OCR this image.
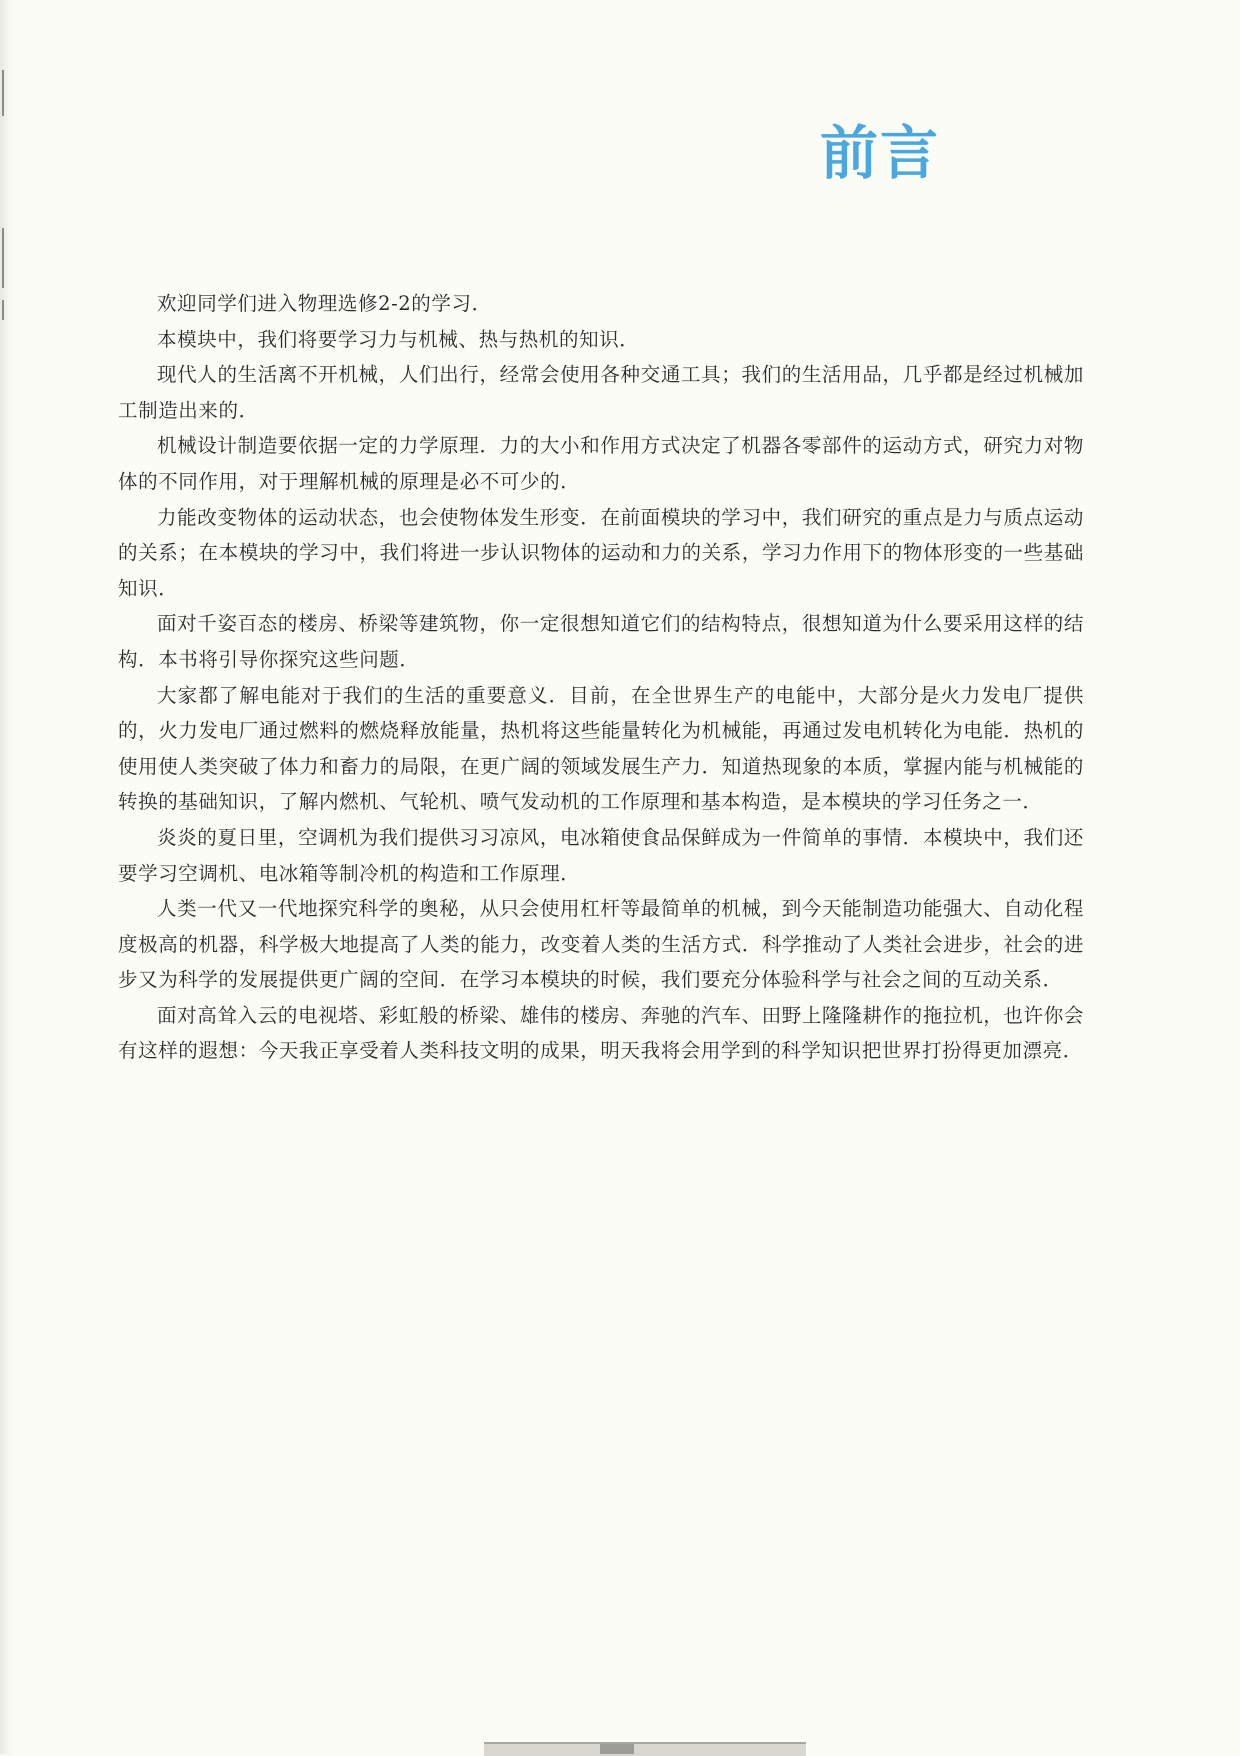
前言

欢迎同学们进入物理选修2-2的学习．

本模块中，我们将要学习力与机械、热与热机的知识．

现代人的生活离不开机械，人们出行，经常会使用各种交通工具；我们的生活用品，几乎都是经过机械加工制造出来的．

机械设计制造要依据一定的力学原理．力的大小和作用方式决定了机器各零部件的运动方式，研究力对物体的不同作用，对于理解机械的原理是必不可少的．

力能改变物体的运动状态，也会使物体发生形变．在前面模块的学习中，我们研究的重点是力与质点运动的关系；在本模块的学习中，我们将进一步认识物体的运动和力的关系，学习力作用下的物体形变的一些基础知识．

面对千姿百态的楼房、桥梁等建筑物，你一定很想知道它们的结构特点，很想知道为什么要采用这样的结构．本书将引导你探究这些问题．

大家都了解电能对于我们的生活的重要意义．目前，在全世界生产的电能中，大部分是火力发电厂提供的，火力发电厂通过燃料的燃烧释放能量，热机将这些能量转化为机械能，再通过发电机转化为电能．热机的使用使人类突破了体力和畜力的局限，在更广阔的领域发展生产力．知道热现象的本质，掌握内能与机械能的转换的基础知识，了解内燃机、气轮机、喷气发动机的工作原理和基本构造，是本模块的学习任务之一．

炎炎的夏日里，空调机为我们提供习习凉风，电冰箱使食品保鲜成为一件简单的事情．本模块中，我们还要学习空调机、电冰箱等制冷机的构造和工作原理．

人类一代又一代地探究科学的奥秘，从只会使用杠杆等最简单的机械，到今天能制造功能强大、自动化程度极高的机器，科学极大地提高了人类的能力，改变着人类的生活方式．科学推动了人类社会进步，社会的进步又为科学的发展提供更广阔的空间．在学习本模块的时候，我们要充分体验科学与社会之间的互动关系．

面对高耸入云的电视塔、彩虹般的桥梁、雄伟的楼房、奔驰的汽车、田野上隆隆耕作的拖拉机，也许你会有这样的遐想：今天我正享受着人类科技文明的成果，明天我将会用学到的科学知识把世界打扮得更加漂亮．
